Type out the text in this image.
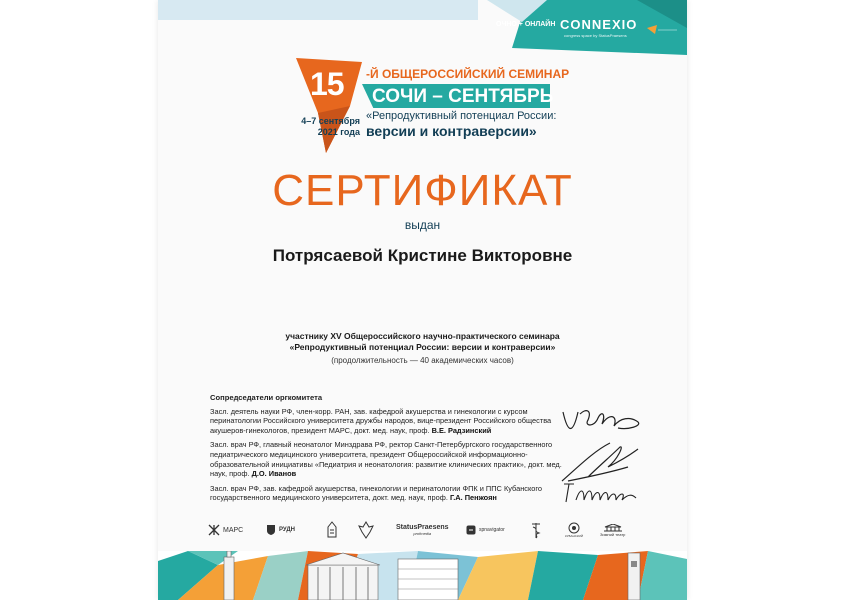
ОЧНО + ОНЛАЙН CONNEXIO
congress space by StatusPraesens
15 -Й ОБЩЕРОССИЙСКИЙ СЕМИНАР
СОЧИ – СЕНТЯБРЬ
4–7 сентября
2021 года
«Репродуктивный потенциал России:
версии и контраверсии»
СЕРТИФИКАТ
выдан
Потрясаевой Кристине Викторовне
участнику XV Общероссийского научно-практического семинара
«Репродуктивный потенциал России: версии и контраверсии»
(продолжительность — 40 академических часов)
Сопредседатели оргкомитета

Засл. деятель науки РФ, член-корр. РАН, зав. кафедрой акушерства и гинекологии с курсом перинатологии Российского университета дружбы народов, вице-президент Российского общества акушеров-гинекологов, президент МАРС, докт. мед. наук, проф. В.Е. Радзинский

Засл. врач РФ, главный неонатолог Минздрава РФ, ректор Санкт-Петербургского государственного педиатрического медицинского университета, президент Общероссийской информационно-образовательной инициативы «Педиатрия и неонатология: развитие клинических практик», докт. мед. наук, проф. Д.О. Иванов

Засл. врач РФ, зав. кафедрой акушерства, гинекологии и перинатологии ФПК и ППС Кубанского государственного медицинского университета, докт. мед. наук, проф. Г.А. Пенжоян

МАРС	РУДН	StatusPraesens
profmedia
spnavigator
КУБАНСКИЙ	Зимний театр
